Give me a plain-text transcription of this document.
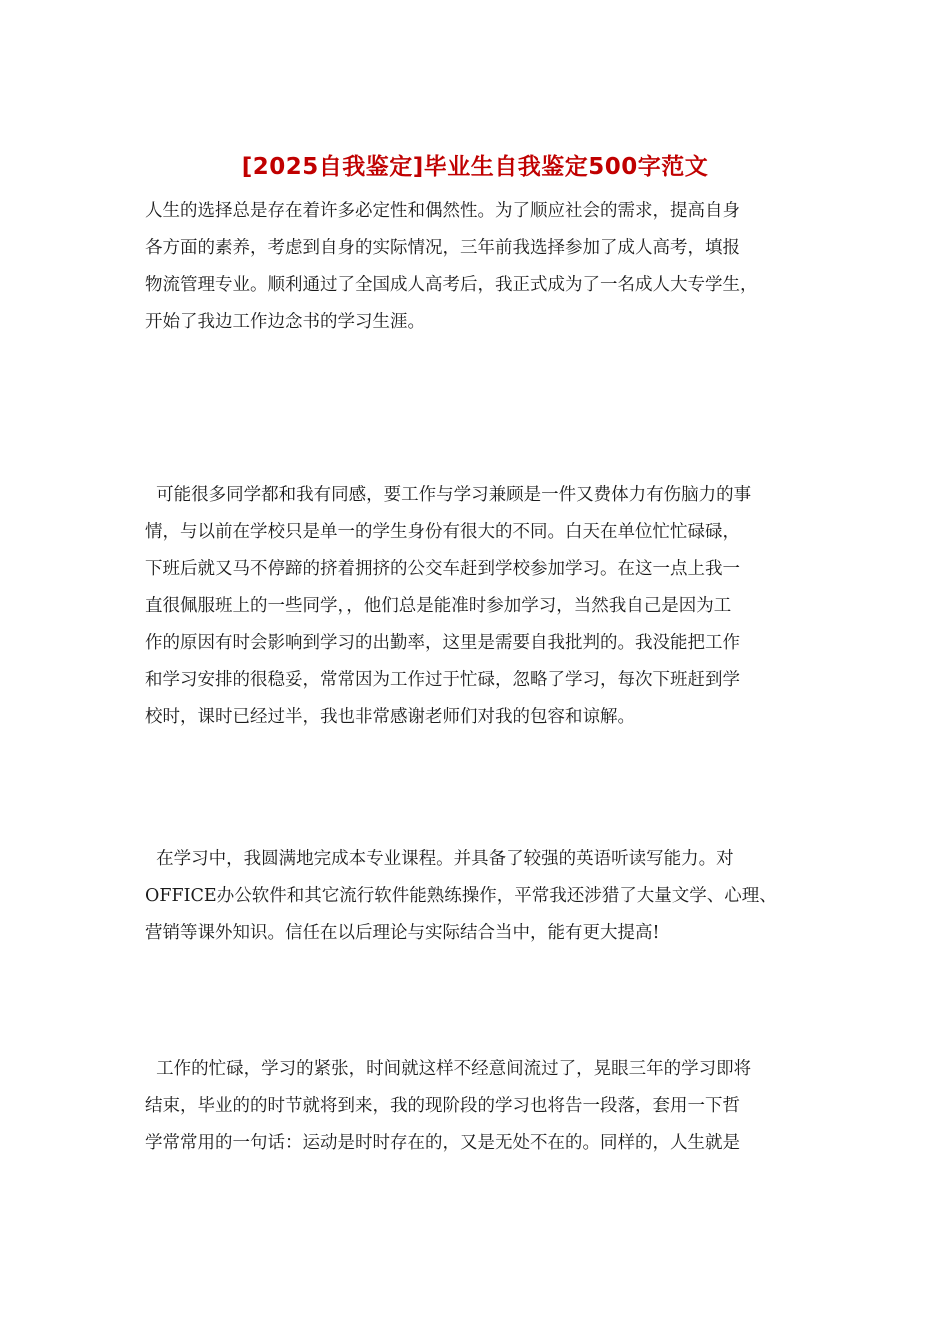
[2025自我鉴定]毕业生自我鉴定500字范文
人生的选择总是存在着许多必定性和偶然性。为了顺应社会的需求，提高自身
各方面的素养，考虑到自身的实际情况，三年前我选择参加了成人高考，填报
物流管理专业。顺利通过了全国成人高考后，我正式成为了一名成人大专学生，
开始了我边工作边念书的学习生涯。
可能很多同学都和我有同感，要工作与学习兼顾是一件又费体力有伤脑力的事
情，与以前在学校只是单一的学生身份有很大的不同。白天在单位忙忙碌碌，
下班后就又马不停蹄的挤着拥挤的公交车赶到学校参加学习。在这一点上我一
直很佩服班上的一些同学，，他们总是能准时参加学习，当然我自己是因为工
作的原因有时会影响到学习的出勤率，这里是需要自我批判的。我没能把工作
和学习安排的很稳妥，常常因为工作过于忙碌，忽略了学习，每次下班赶到学
校时，课时已经过半，我也非常感谢老师们对我的包容和谅解。
在学习中，我圆满地完成本专业课程。并具备了较强的英语听读写能力。对
OFFICE办公软件和其它流行软件能熟练操作，平常我还涉猎了大量文学、心理、
营销等课外知识。信任在以后理论与实际结合当中，能有更大提高!
工作的忙碌，学习的紧张，时间就这样不经意间流过了，晃眼三年的学习即将
结束，毕业的的时节就将到来，我的现阶段的学习也将告一段落，套用一下哲
学常常用的一句话：运动是时时存在的，又是无处不在的。同样的，人生就是
